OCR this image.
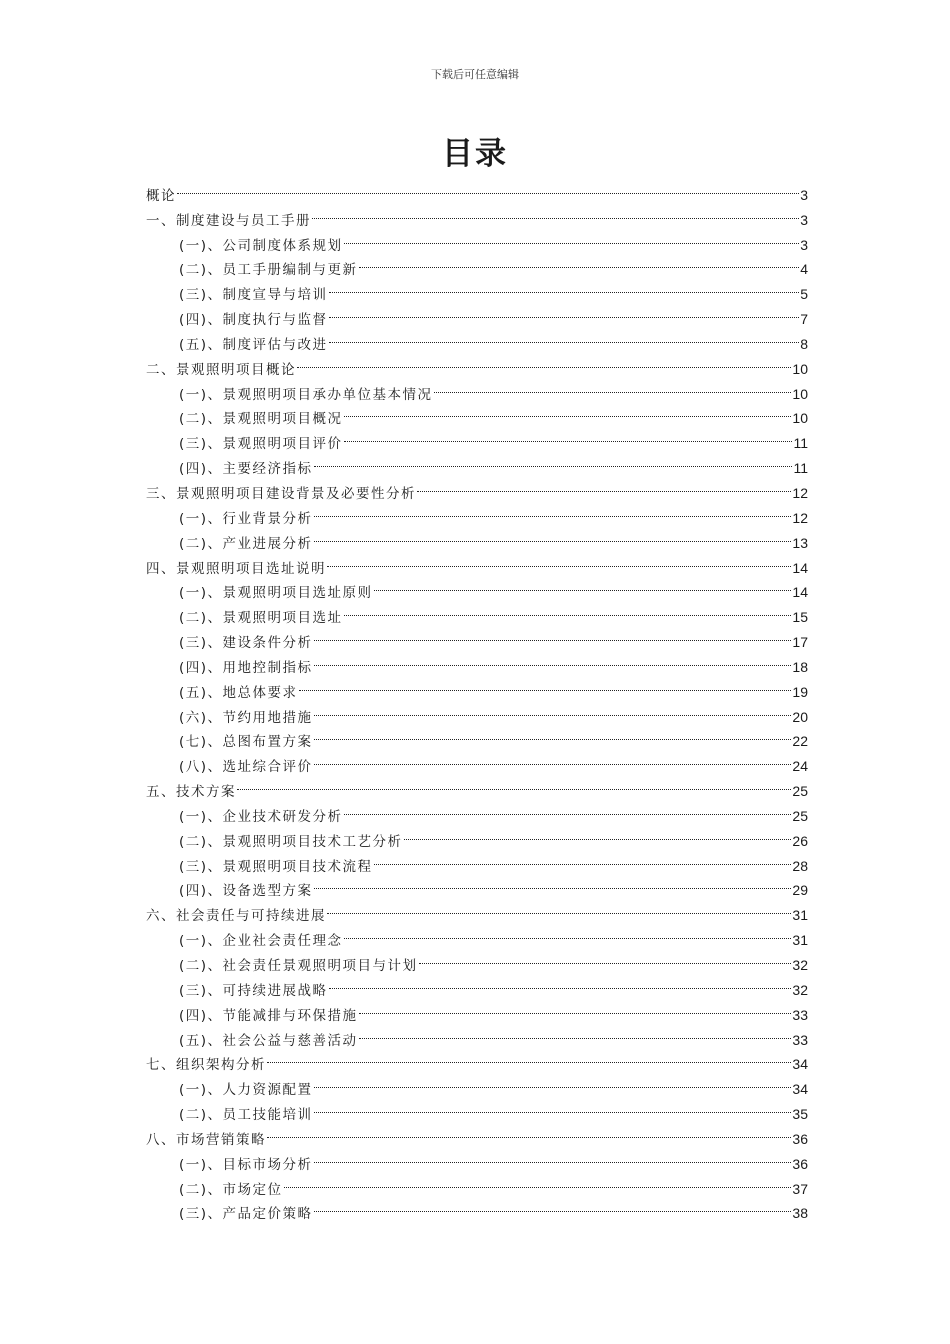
下载后可任意编辑
目录
概论	3
一、制度建设与员工手册	3
(一)、公司制度体系规划	3
(二)、员工手册编制与更新	4
(三)、制度宣导与培训	5
(四)、制度执行与监督	7
(五)、制度评估与改进	8
二、景观照明项目概论	10
(一)、景观照明项目承办单位基本情况	10
(二)、景观照明项目概况	10
(三)、景观照明项目评价	11
(四)、主要经济指标	11
三、景观照明项目建设背景及必要性分析	12
(一)、行业背景分析	12
(二)、产业进展分析	13
四、景观照明项目选址说明	14
(一)、景观照明项目选址原则	14
(二)、景观照明项目选址	15
(三)、建设条件分析	17
(四)、用地控制指标	18
(五)、地总体要求	19
(六)、节约用地措施	20
(七)、总图布置方案	22
(八)、选址综合评价	24
五、技术方案	25
(一)、企业技术研发分析	25
(二)、景观照明项目技术工艺分析	26
(三)、景观照明项目技术流程	28
(四)、设备选型方案	29
六、社会责任与可持续进展	31
(一)、企业社会责任理念	31
(二)、社会责任景观照明项目与计划	32
(三)、可持续进展战略	32
(四)、节能减排与环保措施	33
(五)、社会公益与慈善活动	33
七、组织架构分析	34
(一)、人力资源配置	34
(二)、员工技能培训	35
八、市场营销策略	36
(一)、目标市场分析	36
(二)、市场定位	37
(三)、产品定价策略	38
